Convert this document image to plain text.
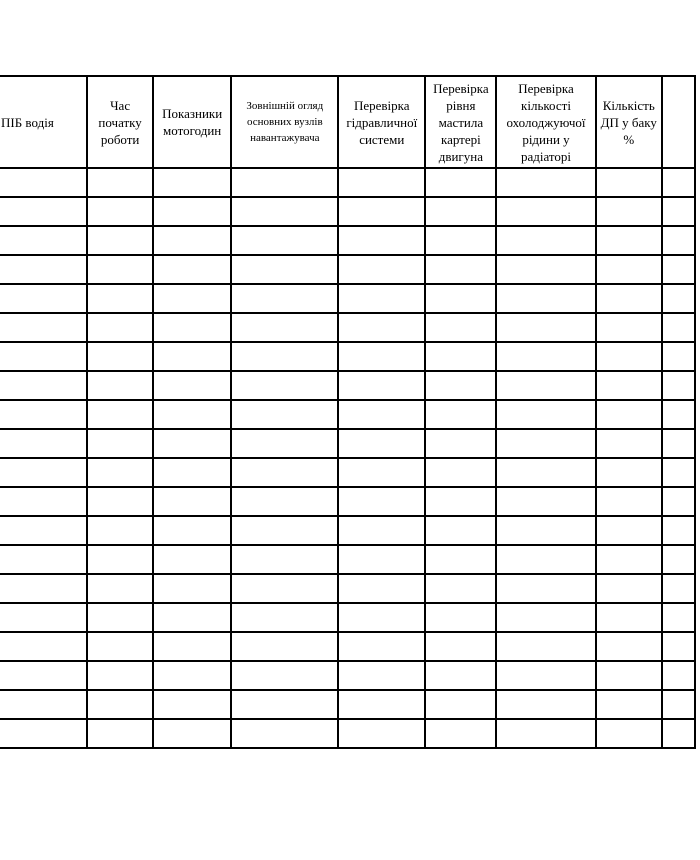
ПІБ водія	Час початку роботи	Показники мотогодин	Зовнішній огляд основних вузлів навантажувача	Перевірка гідравличної системи	Перевірка рівня мастила картері двигуна	Перевірка кількості охолоджуючої рідини у радіаторі	Кількість ДП у баку %	
